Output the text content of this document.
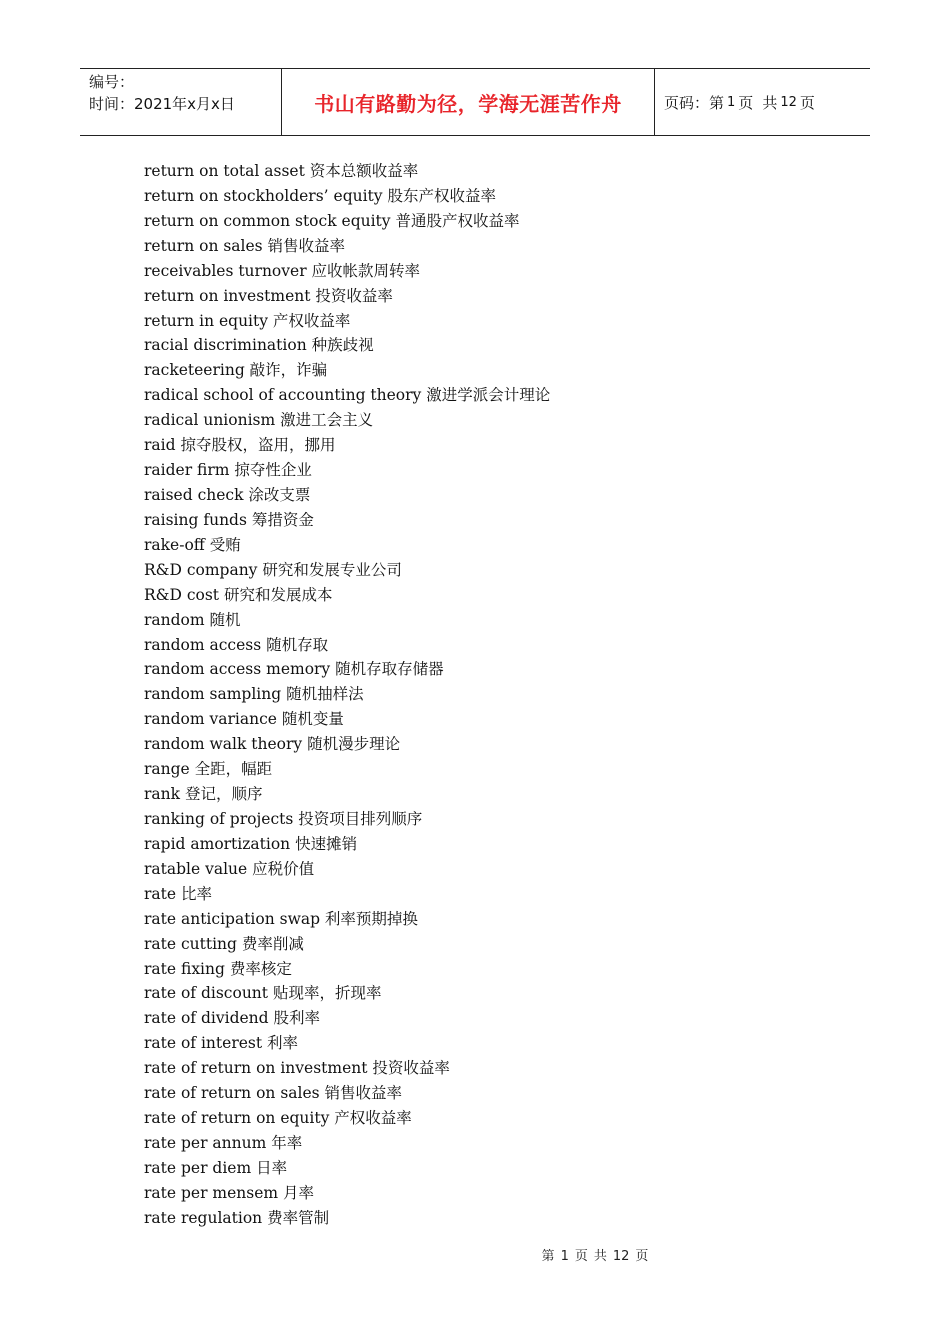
编号：
时间：2021年x月x日	书山有路勤为径，学海无涯苦作舟	页码：第 1 页 共 12 页
return on total asset 资本总额收益率
return on stockholders’ equity 股东产权收益率
return on common stock equity 普通股产权收益率
return on sales 销售收益率
receivables turnover 应收帐款周转率
return on investment 投资收益率
return in equity 产权收益率
racial discrimination 种族歧视
racketeering 敲诈，诈骗
radical school of accounting theory 激进学派会计理论
radical unionism 激进工会主义
raid 掠夺股权，盗用，挪用
raider firm 掠夺性企业
raised check 涂改支票
raising funds 筹措资金
rake-off 受贿
R&D company 研究和发展专业公司
R&D cost 研究和发展成本
random 随机
random access 随机存取
random access memory 随机存取存储器
random sampling 随机抽样法
random variance 随机变量
random walk theory 随机漫步理论
range 全距，幅距
rank 登记，顺序
ranking of projects 投资项目排列顺序
rapid amortization 快速摊销
ratable value 应税价值
rate 比率
rate anticipation swap 利率预期掉换
rate cutting 费率削减
rate fixing 费率核定
rate of discount 贴现率，折现率
rate of dividend 股利率
rate of interest 利率
rate of return on investment 投资收益率
rate of return on sales 销售收益率
rate of return on equity 产权收益率
rate per annum 年率
rate per diem 日率
rate per mensem 月率
rate regulation 费率管制
第 1 页 共 12 页
